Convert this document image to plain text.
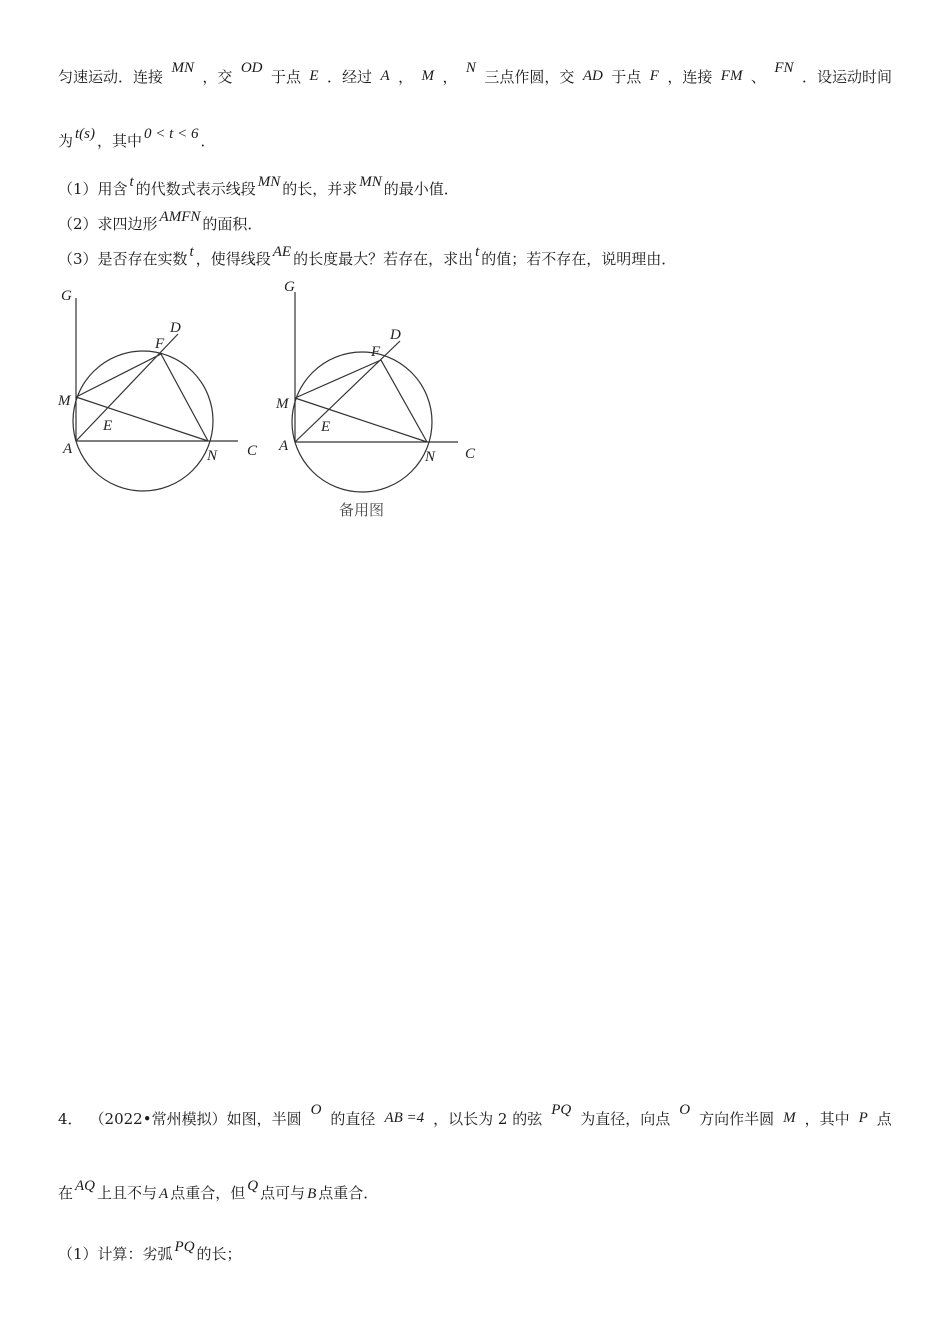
匀速运动．连接 MN ，交 OD 于点 E ．经过 A ， M ， N 三点作圆，交 AD 于点 F ，连接 FM 、 FN ．设运动时间
为 t(s) ，其中 0 < t < 6 ．
（1）用含 t 的代数式表示线段 MN 的长，并求 MN 的最小值．
（2）求四边形 AMFN 的面积．
（3）是否存在实数 t ，使得线段 AE 的长度最大？若存在，求出 t 的值；若不存在，说明理由．
G
D
F
M
E
A	N C
G
D
F
M
E
A
N C
备用图
4． （2022•常州模拟）如图，半圆 O 的直径 AB =4 ，以长为 2 的弦 PQ 为直径，向点 O 方向作半圆 M ，其中 P 点
在 AQ 上且不与 A 点重合，但 Q 点可与 B 点重合．
（1）计算：劣弧 PQ 的长；
